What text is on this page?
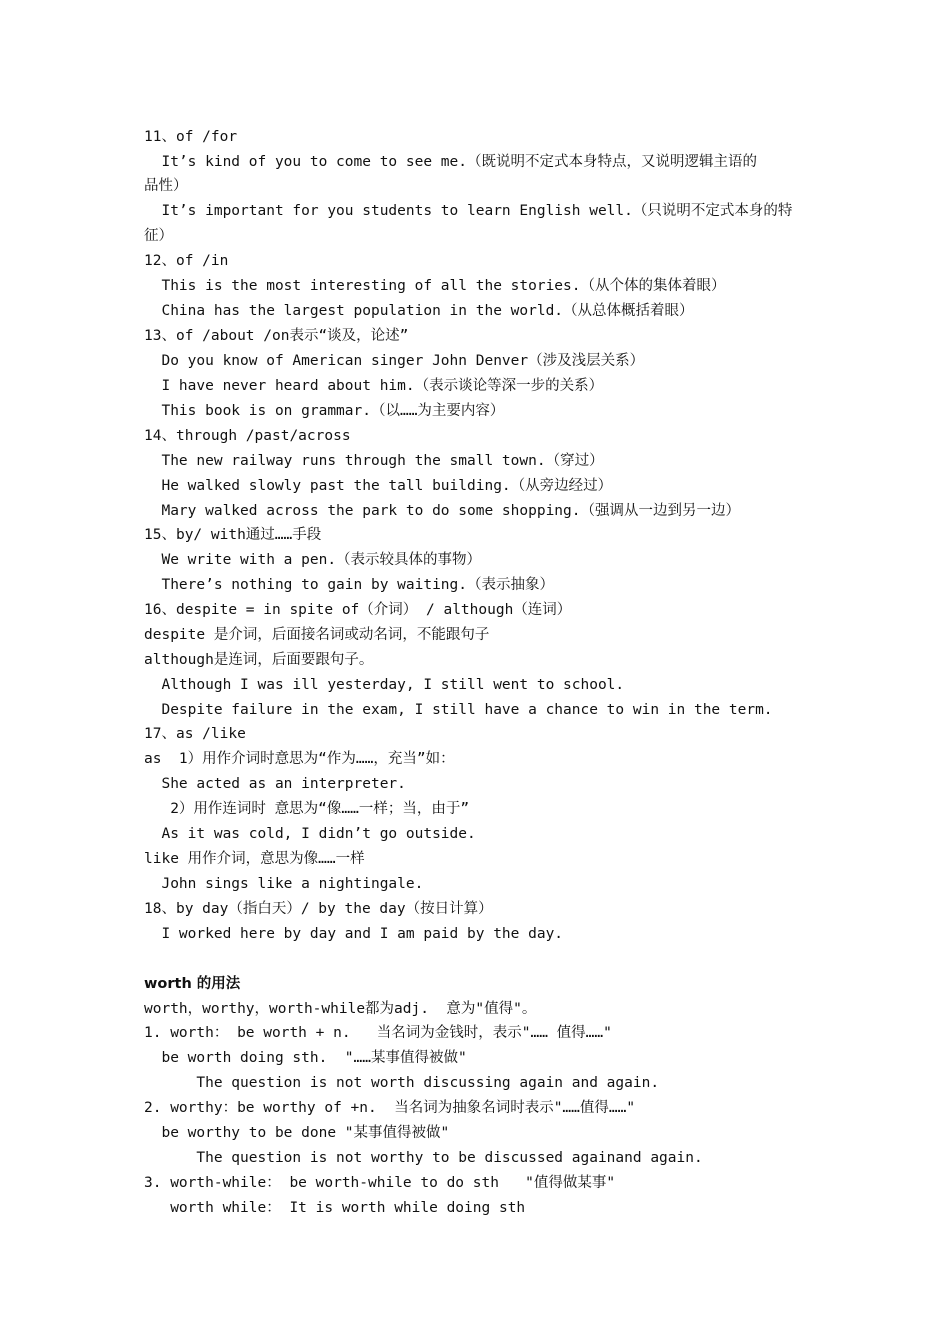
11、of /for
It’s kind of you to come to see me.（既说明不定式本身特点，又说明逻辑主语的
品性）
It’s important for you students to learn English well.（只说明不定式本身的特
征）
12、of /in
This is the most interesting of all the stories.（从个体的集体着眼）
China has the largest population in the world.（从总体概括着眼）
13、of /about /on表示“谈及，论述”
Do you know of American singer John Denver（涉及浅层关系）
I have never heard about him.（表示谈论等深一步的关系）
This book is on grammar.（以……为主要内容）
14、through /past/across
The new railway runs through the small town.（穿过）
He walked slowly past the tall building.（从旁边经过）
Mary walked across the park to do some shopping.（强调从一边到另一边）
15、by/ with通过……手段
We write with a pen.（表示较具体的事物）
There’s nothing to gain by waiting.（表示抽象）
16、despite = in spite of（介词） / although（连词）
despite 是介词，后面接名词或动名词，不能跟句子
although是连词，后面要跟句子。
Although I was ill yesterday, I still went to school.
Despite failure in the exam, I still have a chance to win in the term.
17、as /like
as  1）用作介词时意思为“作为……，充当”如：
She acted as an interpreter.
2）用作连词时 意思为“像……一样；当，由于”
As it was cold, I didn’t go outside.
like 用作介词，意思为像……一样
John sings like a nightingale.
18、by day（指白天）/ by the day（按日计算）
I worked here by day and I am paid by the day.
worth 的用法
worth，worthy，worth-while都为adj.  意为"值得"。
1. worth： be worth + n.   当名词为金钱时，表示"…… 值得……"
be worth doing sth.  "……某事值得被做"
The question is not worth discussing again and again.
2. worthy：be worthy of +n.  当名词为抽象名词时表示"……值得……"
be worthy to be done "某事值得被做"
The question is not worthy to be discussed againand again.
3. worth-while： be worth-while to do sth   "值得做某事"
worth while： It is worth while doing sth
